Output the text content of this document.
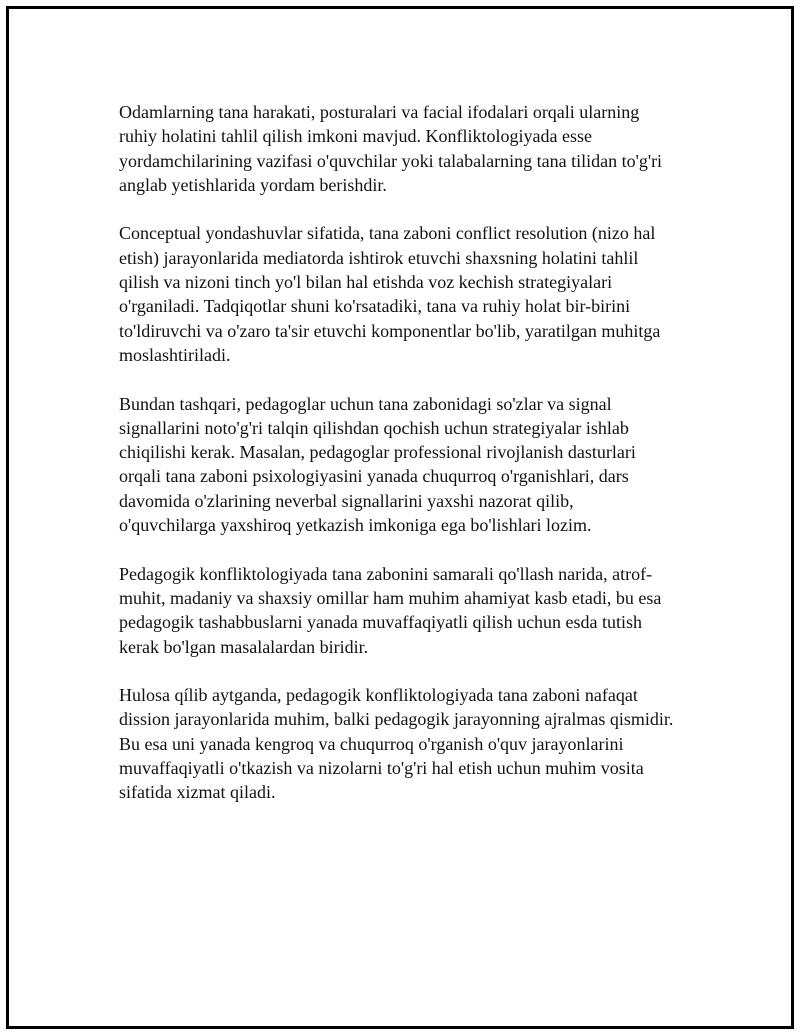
Odamlarning tana harakati, posturalari va facial ifodalari orqali ularning
ruhiy holatini tahlil qilish imkoni mavjud. Konfliktologiyada esse
yordamchilarining vazifasi o'quvchilar yoki talabalarning tana tilidan to'g'ri
anglab yetishlarida yordam berishdir.

Conceptual yondashuvlar sifatida, tana zaboni conflict resolution (nizo hal
etish) jarayonlarida mediatorda ishtirok etuvchi shaxsning holatini tahlil
qilish va nizoni tinch yo'l bilan hal etishda voz kechish strategiyalari
o'rganiladi. Tadqiqotlar shuni ko'rsatadiki, tana va ruhiy holat bir-birini
to'ldiruvchi va o'zaro ta'sir etuvchi komponentlar bo'lib, yaratilgan muhitga
moslashtiriladi.

Bundan tashqari, pedagoglar uchun tana zabonidagi so'zlar va signal
signallarini noto'g'ri talqin qilishdan qochish uchun strategiyalar ishlab
chiqilishi kerak. Masalan, pedagoglar professional rivojlanish dasturlari
orqali tana zaboni psixologiyasini yanada chuqurroq o'rganishlari, dars
davomida o'zlarining neverbal signallarini yaxshi nazorat qilib,
o'quvchilarga yaxshiroq yetkazish imkoniga ega bo'lishlari lozim.

Pedagogik konfliktologiyada tana zabonini samarali qo'llash narida, atrof-
muhit, madaniy va shaxsiy omillar ham muhim ahamiyat kasb etadi, bu esa
pedagogik tashabbuslarni yanada muvaffaqiyatli qilish uchun esda tutish
kerak bo'lgan masalalardan biridir.

Hulosa qílib aytganda, pedagogik konfliktologiyada tana zaboni nafaqat
dission jarayonlarida muhim, balki pedagogik jarayonning ajralmas qismidir.
Bu esa uni yanada kengroq va chuqurroq o'rganish o'quv jarayonlarini
muvaffaqiyatli o'tkazish va nizolarni to'g'ri hal etish uchun muhim vosita
sifatida xizmat qiladi.
